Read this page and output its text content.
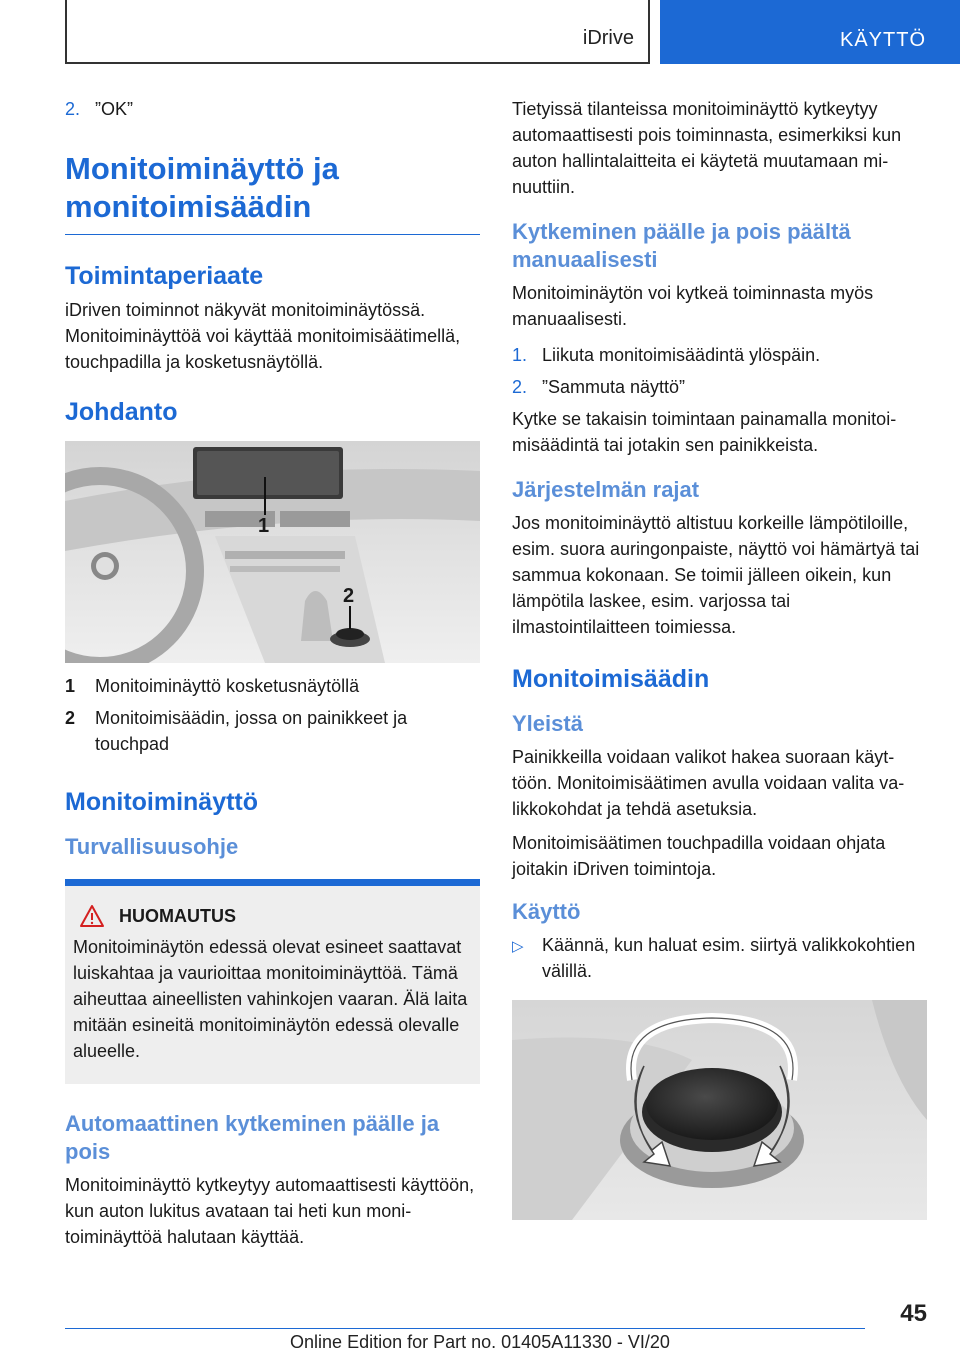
iDrive	KÄYTTÖ
2. ”OK”
Monitoiminäyttö ja monitoimisäädin
Toimintaperiaate

iDriven toiminnot näkyvät monitoiminäytössä. Monitoiminäyttöä voi käyttää monitoimisäätimellä, touchpadilla ja kosketusnäytöllä.

Johdanto
1
2
1	Monitoiminäyttö kosketusnäytöllä
2	Monitoimisäädin, jossa on painikkeet ja touchpad
Monitoiminäyttö
Turvallisuusohje
HUOMAUTUS

Monitoiminäytön edessä olevat esineet saattavat luiskahtaa ja vaurioittaa monitoiminäyttöä. Tämä aiheuttaa aineellisten vahinkojen vaaran. Älä laita mitään esineitä monitoiminäytön edessä olevalle alueelle.

Automaattinen kytkeminen päälle ja pois

Monitoiminäyttö kytkeytyy automaattisesti käyttöön, kun auton lukitus avataan tai heti kun monitoiminäyttöä halutaan käyttää.

Tietyissä tilanteissa monitoiminäyttö kytkeytyy automaattisesti pois toiminnasta, esimerkiksi kun auton hallintalaitteita ei käytetä muutamaan minuuttiin.

Kytkeminen päälle ja pois päältä manuaalisesti

Monitoiminäytön voi kytkeä toiminnasta myös manuaalisesti.

1. Liikuta monitoimisäädintä ylöspäin.
2. ”Sammuta näyttö”

Kytke se takaisin toimintaan painamalla monitoimisäädintä tai jotakin sen painikkeista.

Järjestelmän rajat

Jos monitoiminäyttö altistuu korkeille lämpötiloille, esim. suora auringonpaiste, näyttö voi hämärtyä tai sammua kokonaan. Se toimii jälleen oikein, kun lämpötila laskee, esim. varjossa tai ilmastointilaitteen toimiessa.

Monitoimisäädin
Yleistä

Painikkeilla voidaan valikot hakea suoraan käyttöön. Monitoimisäätimen avulla voidaan valita valikkokohdat ja tehdä asetuksia.

Monitoimisäätimen touchpadilla voidaan ohjata joitakin iDriven toimintoja.

Käyttö
▷	Käännä, kun haluat esim. siirtyä valikkokohtien välillä.
45
Online Edition for Part no. 01405A11330 - VI/20
